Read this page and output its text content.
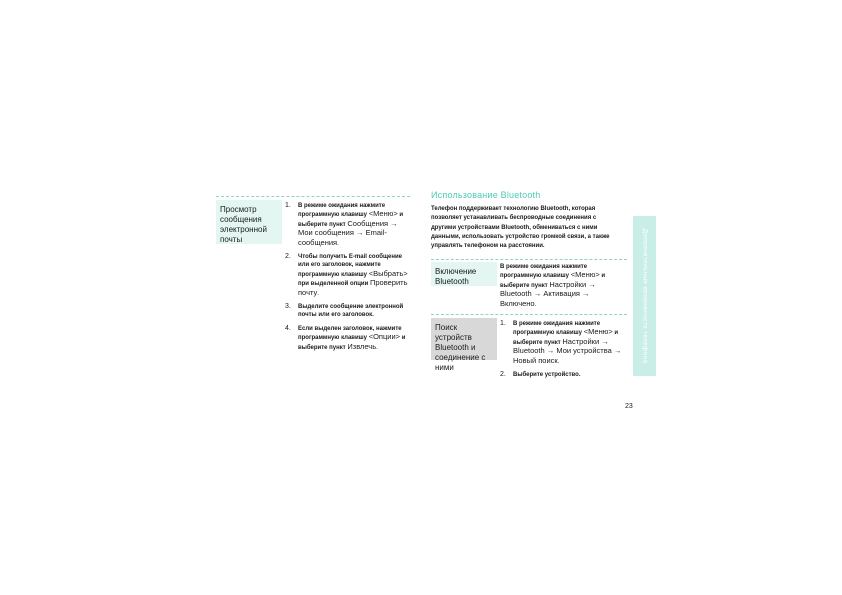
Просмотр
сообщения
электронной
почты
1. В режиме ожидания нажмите программную клавишу <Меню> и выберите пункт Сообщения → Мои сообщения → Email-сообщения.
2. Чтобы получить E-mail сообщение или его заголовок, нажмите программную клавишу <Выбрать> при выделенной опции Проверить почту.
3. Выделите сообщение электронной почты или его заголовок.
4. Если выделен заголовок, нажмите программную клавишу <Опции> и выберите пункт Извлечь.
Использование Bluetooth
Телефон поддерживает технологию Bluetooth, которая позволяет устанавливать беспроводные соединения с другими устройствами Bluetooth, обмениваться с ними данными, использовать устройство громкой связи, а также управлять телефоном на расстоянии.
Включение
Bluetooth
В режиме ожидания нажмите программную клавишу <Меню> и выберите пункт Настройки → Bluetooth → Активация → Включено.
Поиск устройств
Bluetooth и
соединение с
ними
1. В режиме ожидания нажмите программную клавишу <Меню> и выберите пункт Настройки → Bluetooth → Мои устройства → Новый поиск.
2. Выберите устройство.
Дополнительные возможности телефона
23
